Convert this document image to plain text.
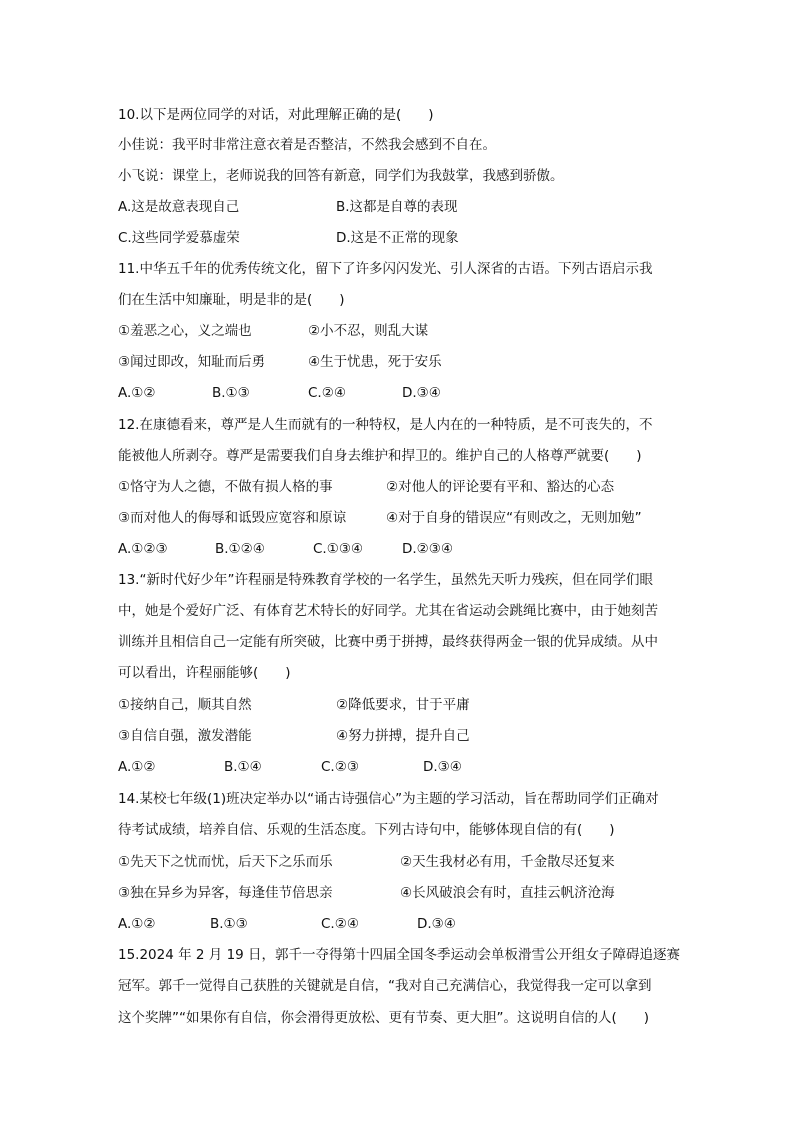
10.以下是两位同学的对话，对此理解正确的是(　　)
小佳说：我平时非常注意衣着是否整洁，不然我会感到不自在。
小飞说：课堂上，老师说我的回答有新意，同学们为我鼓掌，我感到骄傲。
A.这是故意表现自己	B.这都是自尊的表现
C.这些同学爱慕虚荣	D.这是不正常的现象
11.中华五千年的优秀传统文化，留下了许多闪闪发光、引人深省的古语。下列古语启示我
们在生活中知廉耻，明是非的是(　　)
①羞恶之心，义之端也	②小不忍，则乱大谋
③闻过即改，知耻而后勇	④生于忧患，死于安乐
A.①②	B.①③	C.②④	D.③④
12.在康德看来，尊严是人生而就有的一种特权，是人内在的一种特质，是不可丧失的，不
能被他人所剥夺。尊严是需要我们自身去维护和捍卫的。维护自己的人格尊严就要(　　)
①恪守为人之德，不做有损人格的事	②对他人的评论要有平和、豁达的心态
③而对他人的侮辱和诋毁应宽容和原谅	④对于自身的错误应“有则改之，无则加勉”
A.①②③	B.①②④	C.①③④	D.②③④
13.“新时代好少年”许程丽是特殊教育学校的一名学生，虽然先天听力残疾，但在同学们眼
中，她是个爱好广泛、有体育艺术特长的好同学。尤其在省运动会跳绳比赛中，由于她刻苦
训练并且相信自己一定能有所突破，比赛中勇于拼搏，最终获得两金一银的优异成绩。从中
可以看出，许程丽能够(　　)
①接纳自己，顺其自然	②降低要求，甘于平庸
③自信自强，激发潜能	④努力拼搏，提升自己
A.①②	B.①④	C.②③	D.③④
14.某校七年级(1)班决定举办以“诵古诗强信心”为主题的学习活动，旨在帮助同学们正确对
待考试成绩，培养自信、乐观的生活态度。下列古诗句中，能够体现自信的有(　　)
①先天下之忧而忧，后天下之乐而乐	②天生我材必有用，千金散尽还复来
③独在异乡为异客，每逢佳节倍思亲	④长风破浪会有时，直挂云帆济沧海
A.①②	B.①③	C.②④	D.③④
15.2024 年 2 月 19 日，郭千一夺得第十四届全国冬季运动会单板滑雪公开组女子障碍追逐赛
冠军。郭千一觉得自己获胜的关键就是自信，“我对自己充满信心，我觉得我一定可以拿到
这个奖牌”“如果你有自信，你会滑得更放松、更有节奏、更大胆”。这说明自信的人(　　)
